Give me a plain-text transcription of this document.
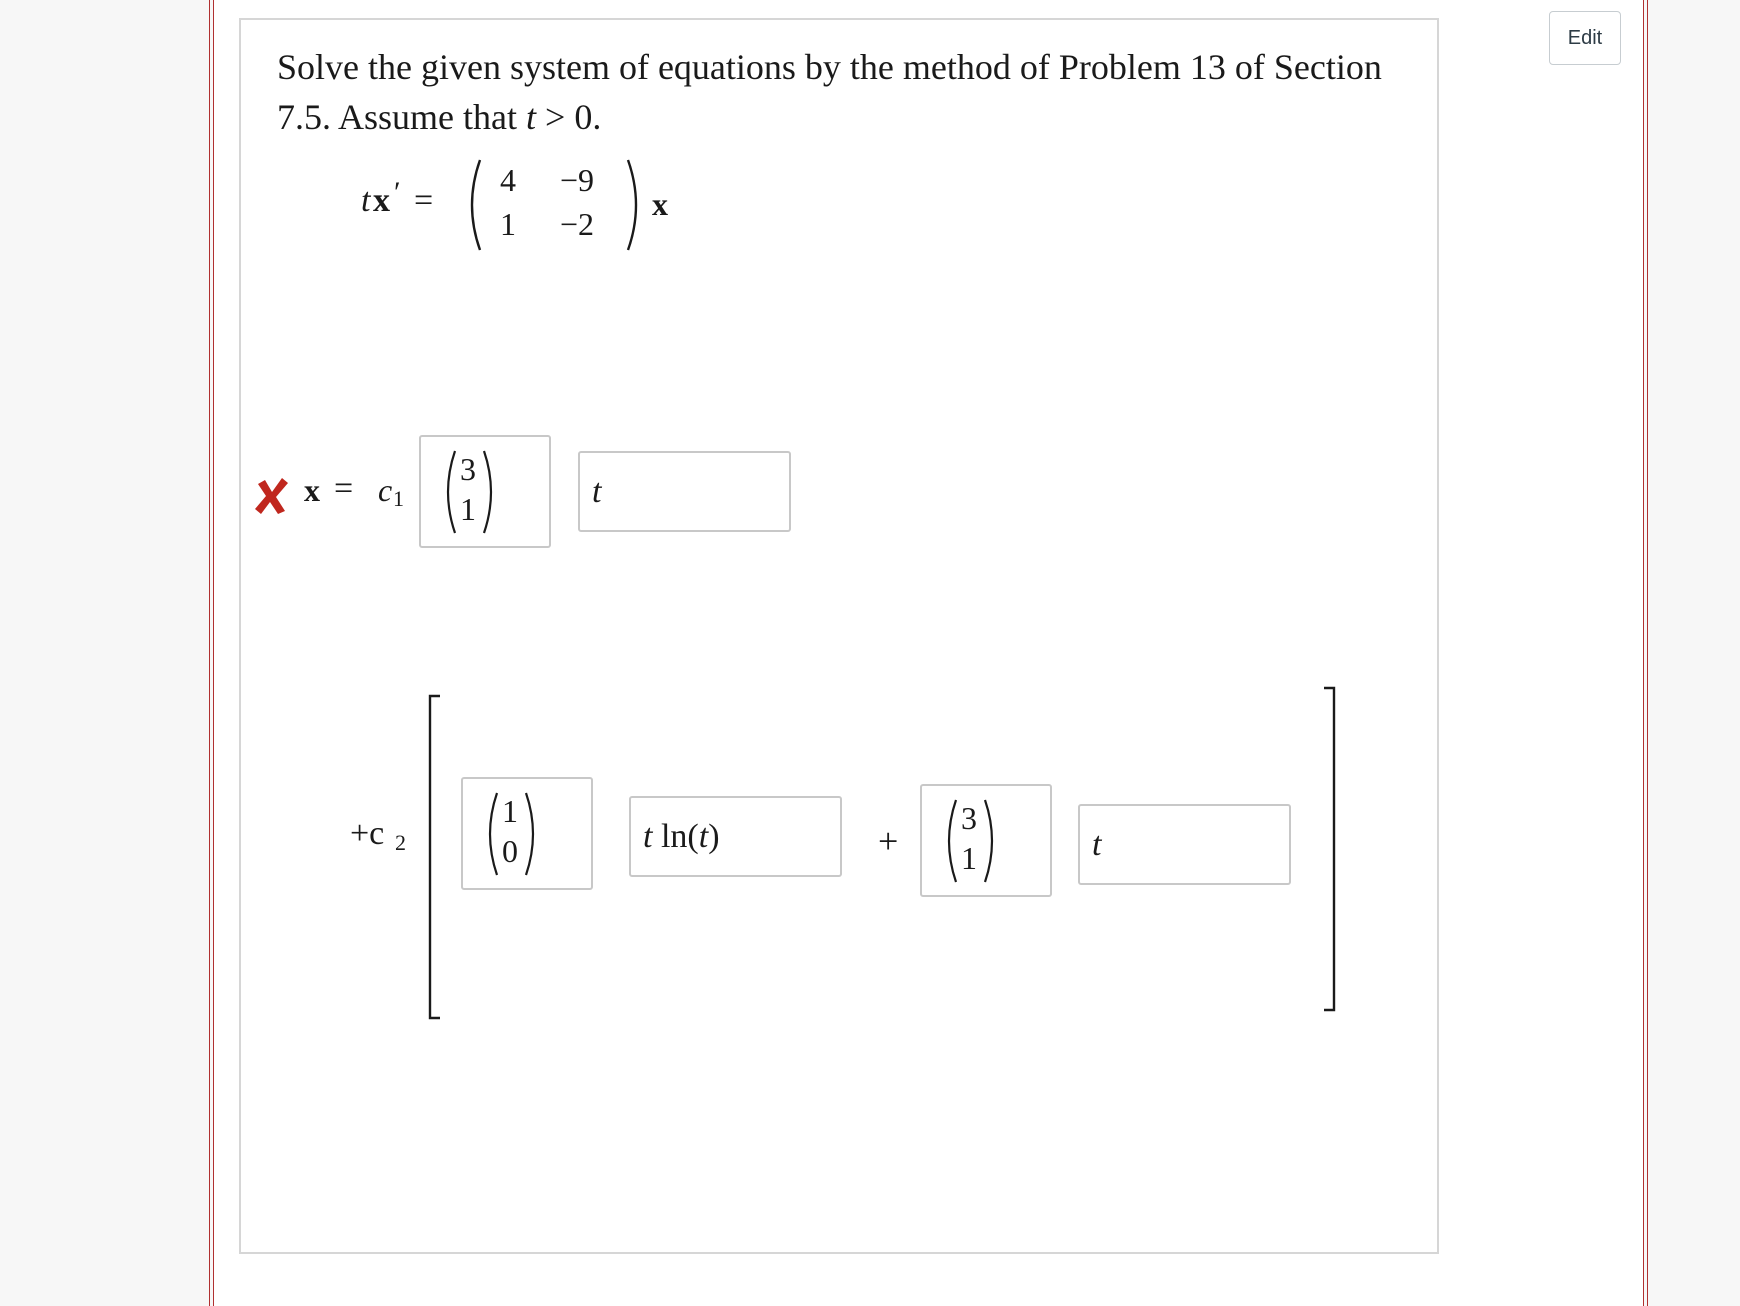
Edit
Solve the given system of equations by the method of Problem 13 of Section 7.5. Assume that t > 0.
t x ′ =
4 −9
1 −2
x
x = c 1
3
1	t
+c 2
1
0	t ln(t)	+
3
1	t
